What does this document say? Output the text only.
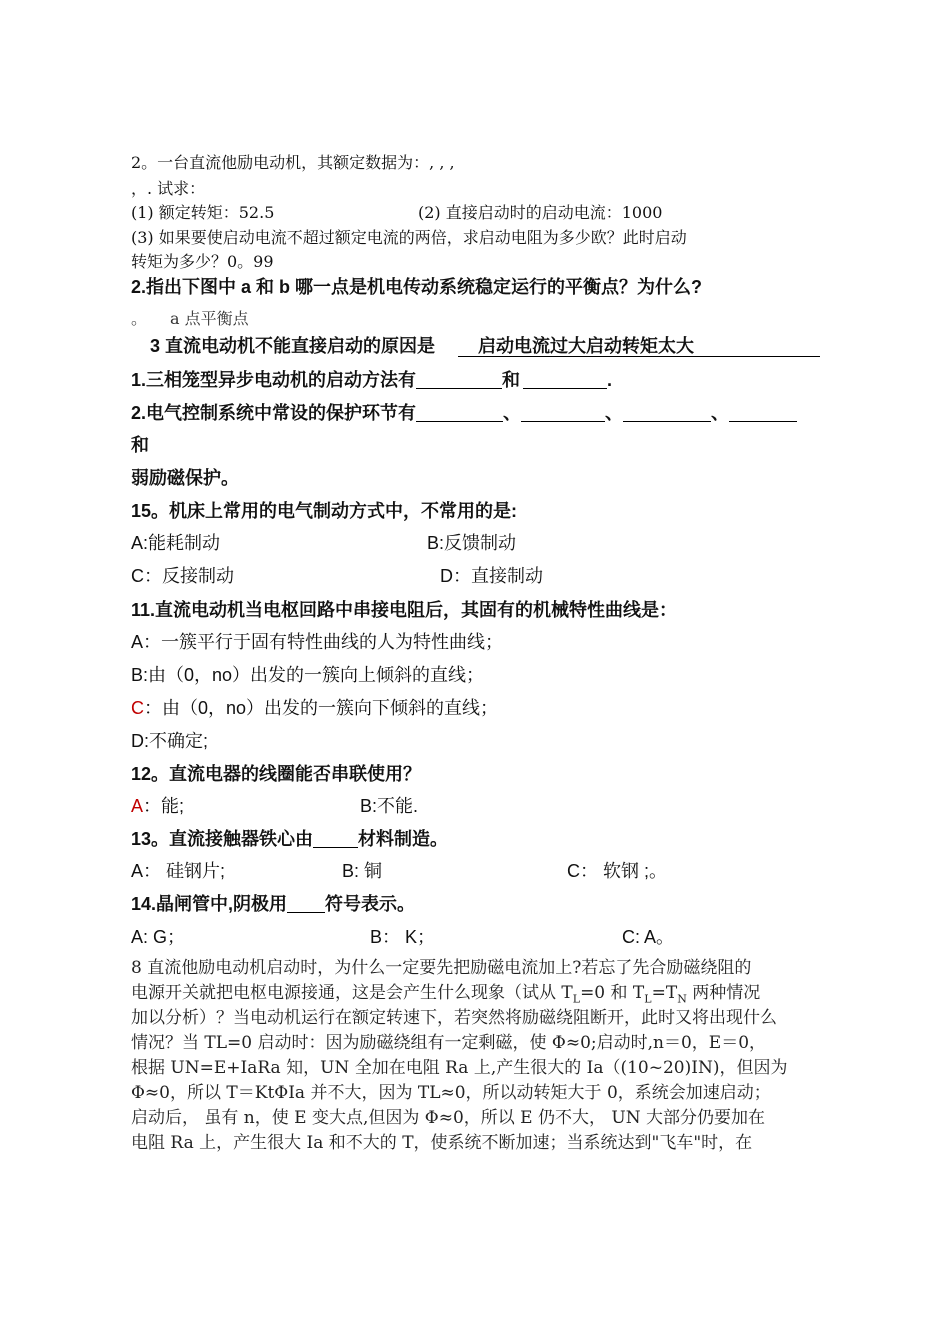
2。一台直流他励电动机，其额定数据为：, , ,
，. 试求：
(1) 额定转矩：52.5	(2) 直接启动时的启动电流：1000
(3) 如果要使启动电流不超过额定电流的两倍，求启动电阻为多少欧？此时启动
转矩为多少？0。99
2.指出下图中 a 和 b 哪一点是机电传动系统稳定运行的平衡点？为什么?
。 a 点平衡点
3 直流电动机不能直接启动的原因是 启动电流过大启动转矩太大
1.三相笼型异步电动机的启动方法有	和	.
2.电气控制系统中常设的保护环节有	、	、	、
和
弱励磁保护。
15。机床上常用的电气制动方式中，不常用的是:
A:能耗制动	B:反馈制动
C：反接制动	D：直接制动
11.直流电动机当电枢回路中串接电阻后，其固有的机械特性曲线是：
A：一簇平行于固有特性曲线的人为特性曲线；
B:由（0，no）出发的一簇向上倾斜的直线；
C：由（0，no）出发的一簇向下倾斜的直线；
D:不确定;
12。直流电器的线圈能否串联使用？
A：能;	B:不能.
13。直流接触器铁心由	材料制造。
A： 硅钢片;	B: 铜	C： 软钢 ;。
14.晶闸管中,阴极用 符号表示。
A: G；	B： K；	C: A。
8 直流他励电动机启动时，为什么一定要先把励磁电流加上?若忘了先合励磁绕阻的
电源开关就把电枢电源接通，这是会产生什么现象（试从 $T_L=0$ 和 $T_L=T_N$ 两种情况
加以分析）？当电动机运行在额定转速下，若突然将励磁绕阻断开，此时又将出现什么
情况？当 TL=0 启动时：因为励磁绕组有一定剩磁，使 Φ≈0;启动时,n＝0，E＝0，
根据 UN=E+IaRa 知，UN 全加在电阻 Ra 上,产生很大的 Ia（(10~20)IN)，但因为
Φ≈0，所以 T＝KtΦIa 并不大，因为 TL≈0，所以动转矩大于 0，系统会加速启动；
启动后， 虽有 n，使 E 变大点,但因为 Φ≈0，所以 E 仍不大， UN 大部分仍要加在
电阻 Ra 上，产生很大 Ia 和不大的 T，使系统不断加速；当系统达到"飞车"时，在
